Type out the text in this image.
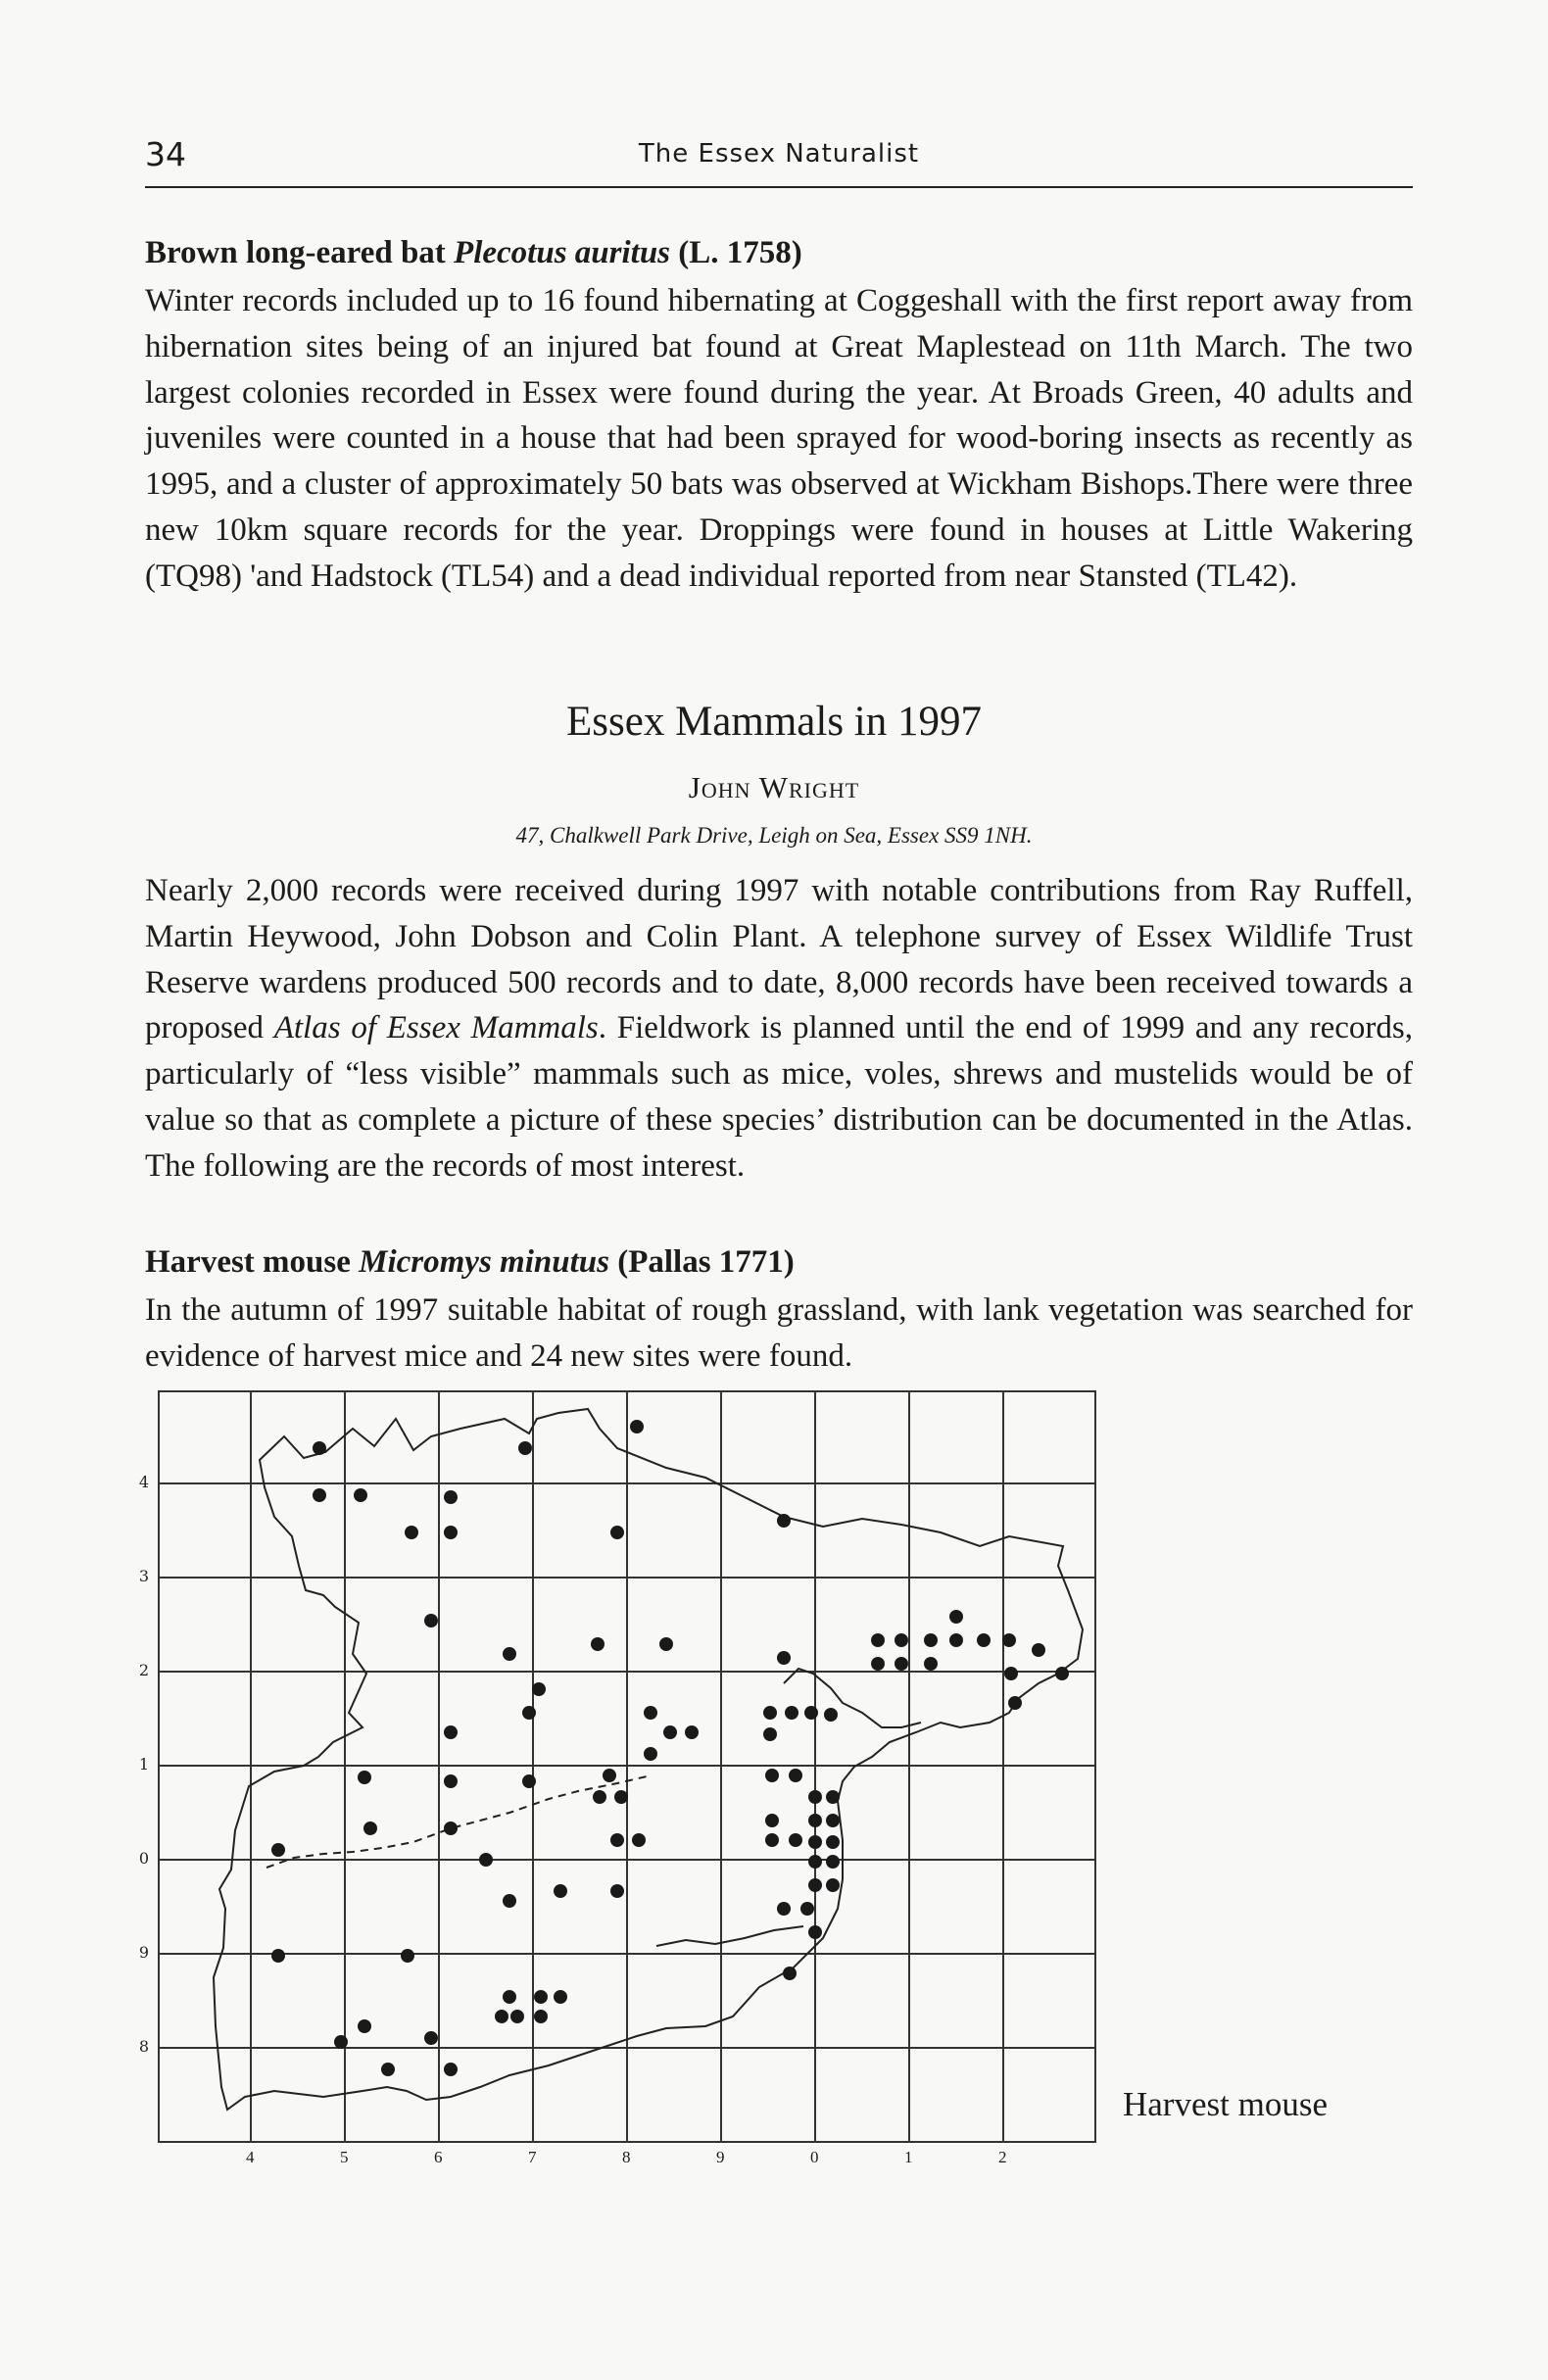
34	The Essex Naturalist
Brown long-eared bat Plecotus auritus (L. 1758)

Winter records included up to 16 found hibernating at Coggeshall with the first report away from hibernation sites being of an injured bat found at Great Maplestead on 11th March. The two largest colonies recorded in Essex were found during the year. At Broads Green, 40 adults and juveniles were counted in a house that had been sprayed for wood-boring insects as recently as 1995, and a cluster of approximately 50 bats was observed at Wickham Bishops.There were three new 10km square records for the year. Droppings were found in houses at Little Wakering (TQ98) 'and Hadstock (TL54) and a dead individual reported from near Stansted (TL42).

Essex Mammals in 1997
John Wright
47, Chalkwell Park Drive, Leigh on Sea, Essex SS9 1NH.

Nearly 2,000 records were received during 1997 with notable contributions from Ray Ruffell, Martin Heywood, John Dobson and Colin Plant. A telephone survey of Essex Wildlife Trust Reserve wardens produced 500 records and to date, 8,000 records have been received towards a proposed Atlas of Essex Mammals. Fieldwork is planned until the end of 1999 and any records, particularly of “less visible” mammals such as mice, voles, shrews and mustelids would be of value so that as complete a picture of these species’ distribution can be documented in the Atlas. The following are the records of most interest.

Harvest mouse Micromys minutus (Pallas 1771)

In the autumn of 1997 suitable habitat of rough grassland, with lank vegetation was searched for evidence of harvest mice and 24 new sites were found.

4
3
2
1
0
9
8
4	5	6	7	8	9	0	1	2
Harvest mouse
